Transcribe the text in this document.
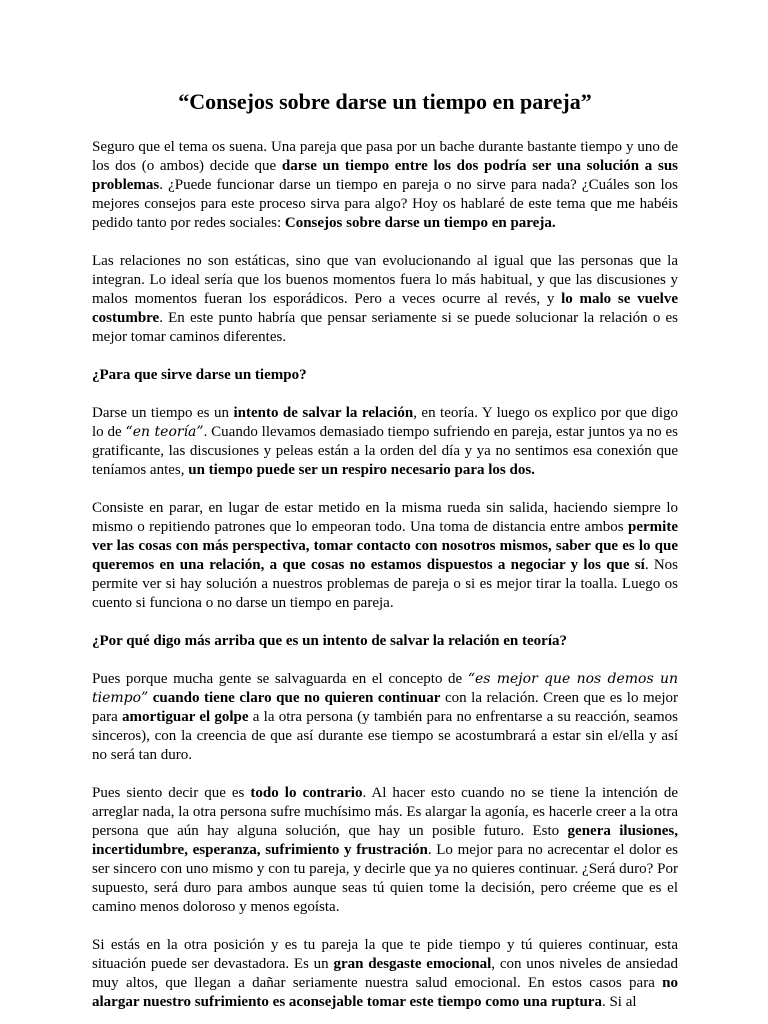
“Consejos sobre darse un tiempo en pareja”

Seguro que el tema os suena. Una pareja que pasa por un bache durante bastante tiempo y uno de los dos (o ambos) decide que darse un tiempo entre los dos podría ser una solución a sus problemas. ¿Puede funcionar darse un tiempo en pareja o no sirve para nada? ¿Cuáles son los mejores consejos para este proceso sirva para algo? Hoy os hablaré de este tema que me habéis pedido tanto por redes sociales: Consejos sobre darse un tiempo en pareja.

Las relaciones no son estáticas, sino que van evolucionando al igual que las personas que la integran. Lo ideal sería que los buenos momentos fuera lo más habitual, y que las discusiones y malos momentos fueran los esporádicos. Pero a veces ocurre al revés, y lo malo se vuelve costumbre. En este punto habría que pensar seriamente si se puede solucionar la relación o es mejor tomar caminos diferentes.

¿Para que sirve darse un tiempo?

Darse un tiempo es un intento de salvar la relación, en teoría. Y luego os explico por que digo lo de “en teoría”. Cuando llevamos demasiado tiempo sufriendo en pareja, estar juntos ya no es gratificante, las discusiones y peleas están a la orden del día y ya no sentimos esa conexión que teníamos antes, un tiempo puede ser un respiro necesario para los dos.

Consiste en parar, en lugar de estar metido en la misma rueda sin salida, haciendo siempre lo mismo o repitiendo patrones que lo empeoran todo. Una toma de distancia entre ambos permite ver las cosas con más perspectiva, tomar contacto con nosotros mismos, saber que es lo que queremos en una relación, a que cosas no estamos dispuestos a negociar y los que sí. Nos permite ver si hay solución a nuestros problemas de pareja o si es mejor tirar la toalla. Luego os cuento si funciona o no darse un tiempo en pareja.

¿Por qué digo más arriba que es un intento de salvar la relación en teoría?

Pues porque mucha gente se salvaguarda en el concepto de “es mejor que nos demos un tiempo” cuando tiene claro que no quieren continuar con la relación. Creen que es lo mejor para amortiguar el golpe a la otra persona (y también para no enfrentarse a su reacción, seamos sinceros), con la creencia de que así durante ese tiempo se acostumbrará a estar sin el/ella y así no será tan duro.

Pues siento decir que es todo lo contrario. Al hacer esto cuando no se tiene la intención de arreglar nada, la otra persona sufre muchísimo más. Es alargar la agonía, es hacerle creer a la otra persona que aún hay alguna solución, que hay un posible futuro. Esto genera ilusiones, incertidumbre, esperanza, sufrimiento y frustración. Lo mejor para no acrecentar el dolor es ser sincero con uno mismo y con tu pareja, y decirle que ya no quieres continuar. ¿Será duro? Por supuesto, será duro para ambos aunque seas tú quien tome la decisión, pero créeme que es el camino menos doloroso y menos egoísta.

Si estás en la otra posición y es tu pareja la que te pide tiempo y tú quieres continuar, esta situación puede ser devastadora. Es un gran desgaste emocional, con unos niveles de ansiedad muy altos, que llegan a dañar seriamente nuestra salud emocional. En estos casos para no alargar nuestro sufrimiento es aconsejable tomar este tiempo como una ruptura. Si al
